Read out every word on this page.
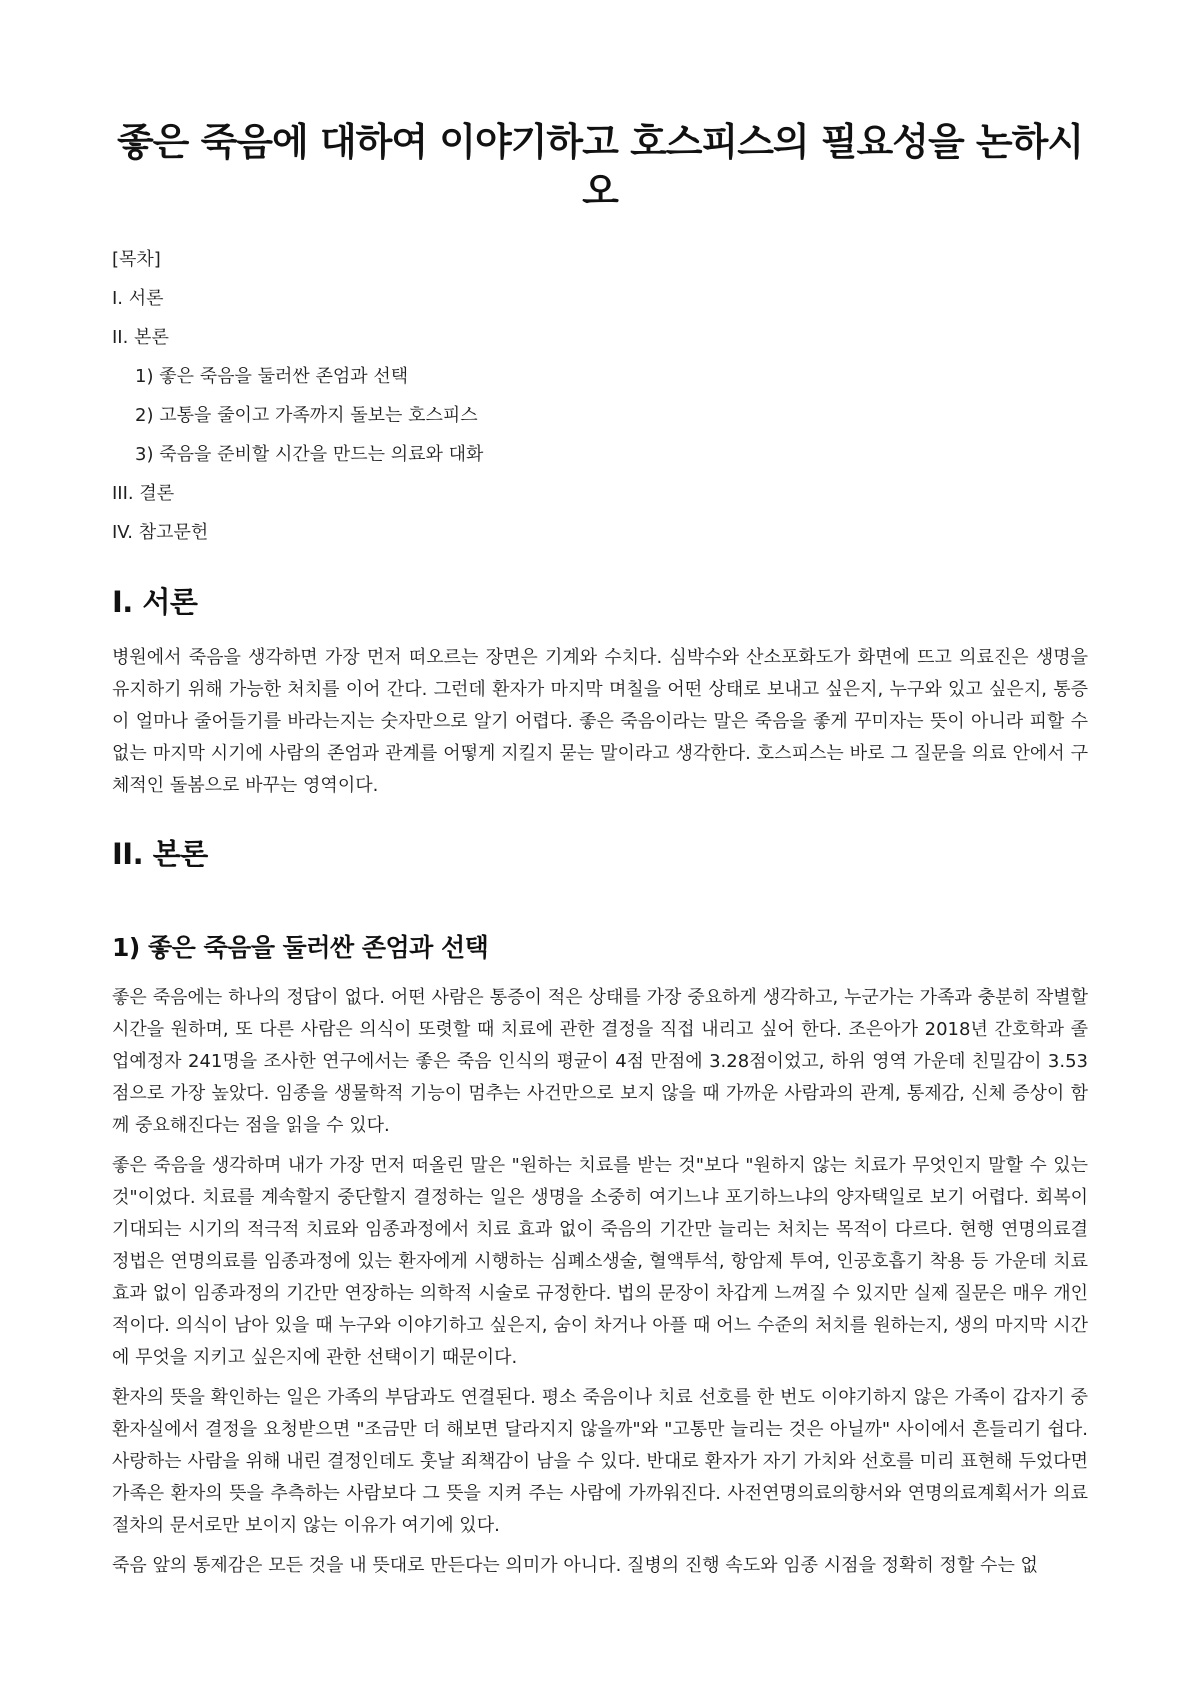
좋은 죽음에 대하여 이야기하고 호스피스의 필요성을 논하시오
[목차]
I. 서론
II. 본론
1) 좋은 죽음을 둘러싼 존엄과 선택
2) 고통을 줄이고 가족까지 돌보는 호스피스
3) 죽음을 준비할 시간을 만드는 의료와 대화
III. 결론
IV. 참고문헌
I. 서론

병원에서 죽음을 생각하면 가장 먼저 떠오르는 장면은 기계와 수치다. 심박수와 산소포화도가 화면에 뜨고 의료진은 생명을 유지하기 위해 가능한 처치를 이어 간다. 그런데 환자가 마지막 며칠을 어떤 상태로 보내고 싶은지, 누구와 있고 싶은지, 통증이 얼마나 줄어들기를 바라는지는 숫자만으로 알기 어렵다. 좋은 죽음이라는 말은 죽음을 좋게 꾸미자는 뜻이 아니라 피할 수 없는 마지막 시기에 사람의 존엄과 관계를 어떻게 지킬지 묻는 말이라고 생각한다. 호스피스는 바로 그 질문을 의료 안에서 구체적인 돌봄으로 바꾸는 영역이다.

II. 본론
1) 좋은 죽음을 둘러싼 존엄과 선택

좋은 죽음에는 하나의 정답이 없다. 어떤 사람은 통증이 적은 상태를 가장 중요하게 생각하고, 누군가는 가족과 충분히 작별할 시간을 원하며, 또 다른 사람은 의식이 또렷할 때 치료에 관한 결정을 직접 내리고 싶어 한다. 조은아가 2018년 간호학과 졸업예정자 241명을 조사한 연구에서는 좋은 죽음 인식의 평균이 4점 만점에 3.28점이었고, 하위 영역 가운데 친밀감이 3.53점으로 가장 높았다. 임종을 생물학적 기능이 멈추는 사건만으로 보지 않을 때 가까운 사람과의 관계, 통제감, 신체 증상이 함께 중요해진다는 점을 읽을 수 있다.

좋은 죽음을 생각하며 내가 가장 먼저 떠올린 말은 "원하는 치료를 받는 것"보다 "원하지 않는 치료가 무엇인지 말할 수 있는 것"이었다. 치료를 계속할지 중단할지 결정하는 일은 생명을 소중히 여기느냐 포기하느냐의 양자택일로 보기 어렵다. 회복이 기대되는 시기의 적극적 치료와 임종과정에서 치료 효과 없이 죽음의 기간만 늘리는 처치는 목적이 다르다. 현행 연명의료결정법은 연명의료를 임종과정에 있는 환자에게 시행하는 심폐소생술, 혈액투석, 항암제 투여, 인공호흡기 착용 등 가운데 치료 효과 없이 임종과정의 기간만 연장하는 의학적 시술로 규정한다. 법의 문장이 차갑게 느껴질 수 있지만 실제 질문은 매우 개인적이다. 의식이 남아 있을 때 누구와 이야기하고 싶은지, 숨이 차거나 아플 때 어느 수준의 처치를 원하는지, 생의 마지막 시간에 무엇을 지키고 싶은지에 관한 선택이기 때문이다.

환자의 뜻을 확인하는 일은 가족의 부담과도 연결된다. 평소 죽음이나 치료 선호를 한 번도 이야기하지 않은 가족이 갑자기 중환자실에서 결정을 요청받으면 "조금만 더 해보면 달라지지 않을까"와 "고통만 늘리는 것은 아닐까" 사이에서 흔들리기 쉽다. 사랑하는 사람을 위해 내린 결정인데도 훗날 죄책감이 남을 수 있다. 반대로 환자가 자기 가치와 선호를 미리 표현해 두었다면 가족은 환자의 뜻을 추측하는 사람보다 그 뜻을 지켜 주는 사람에 가까워진다. 사전연명의료의향서와 연명의료계획서가 의료 절차의 문서로만 보이지 않는 이유가 여기에 있다.

죽음 앞의 통제감은 모든 것을 내 뜻대로 만든다는 의미가 아니다. 질병의 진행 속도와 임종 시점을 정확히 정할 수는 없
